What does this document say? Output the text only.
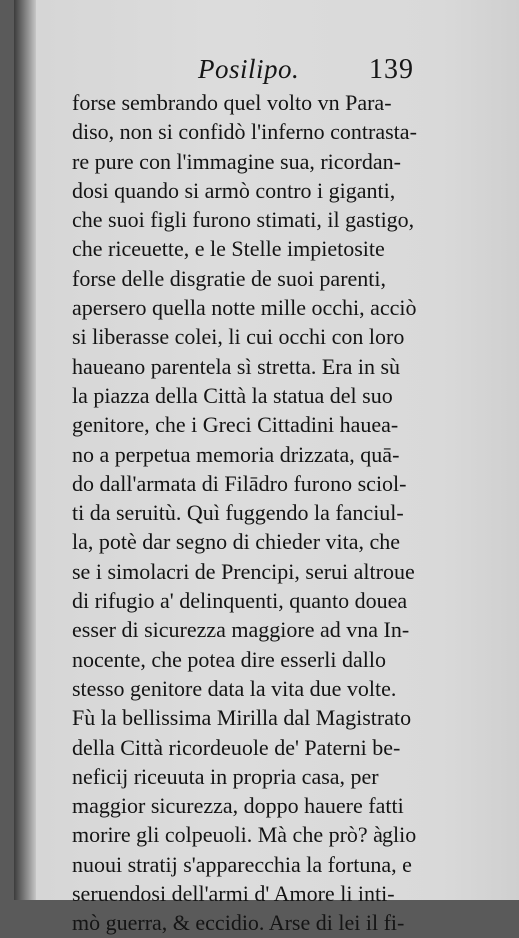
Posilipo. 139
forse sembrando quel volto vn Para-
diso, non si confidò l'inferno contrasta-
re pure con l'immagine sua, ricordan-
dosi quando si armò contro i giganti,
che suoi figli furono stimati, il gastigo,
che riceuette, e le Stelle impietosite
forse delle disgratie de suoi parenti,
apersero quella notte mille occhi, acciò
si liberasse colei, li cui occhi con loro
haueano parentela sì stretta. Era in sù
la piazza della Città la statua del suo
genitore, che i Greci Cittadini haueа-
no a perpetua memoria drizzata, quā-
do dall'armata di Filādro furono sciol-
ti da seruitù. Quì fuggendo la fanciul-
la, potè dar segno di chieder vita, che
se i simolacri de Prencipi, serui altroue
di rifugio a' delinquenti, quanto doueа
esser di sicurezza maggiore ad vna In-
nocente, che potea dire esserli dallo
stesso genitore data la vita due volte.
Fù la bellissima Mirilla dal Magistrato
della Città ricordeuole de' Paterni be-
neficij riceuuta in propria casa, per
maggior sicurezza, doppo hauere fatti
morire gli colpeuoli. Mà che prò? à
nuoui stratij s'apparecchia la fortuna, e
seruendosi dell'armi d' Amore li inti-
mò guerra, & eccidio. Arse di lei il fi-
glio
